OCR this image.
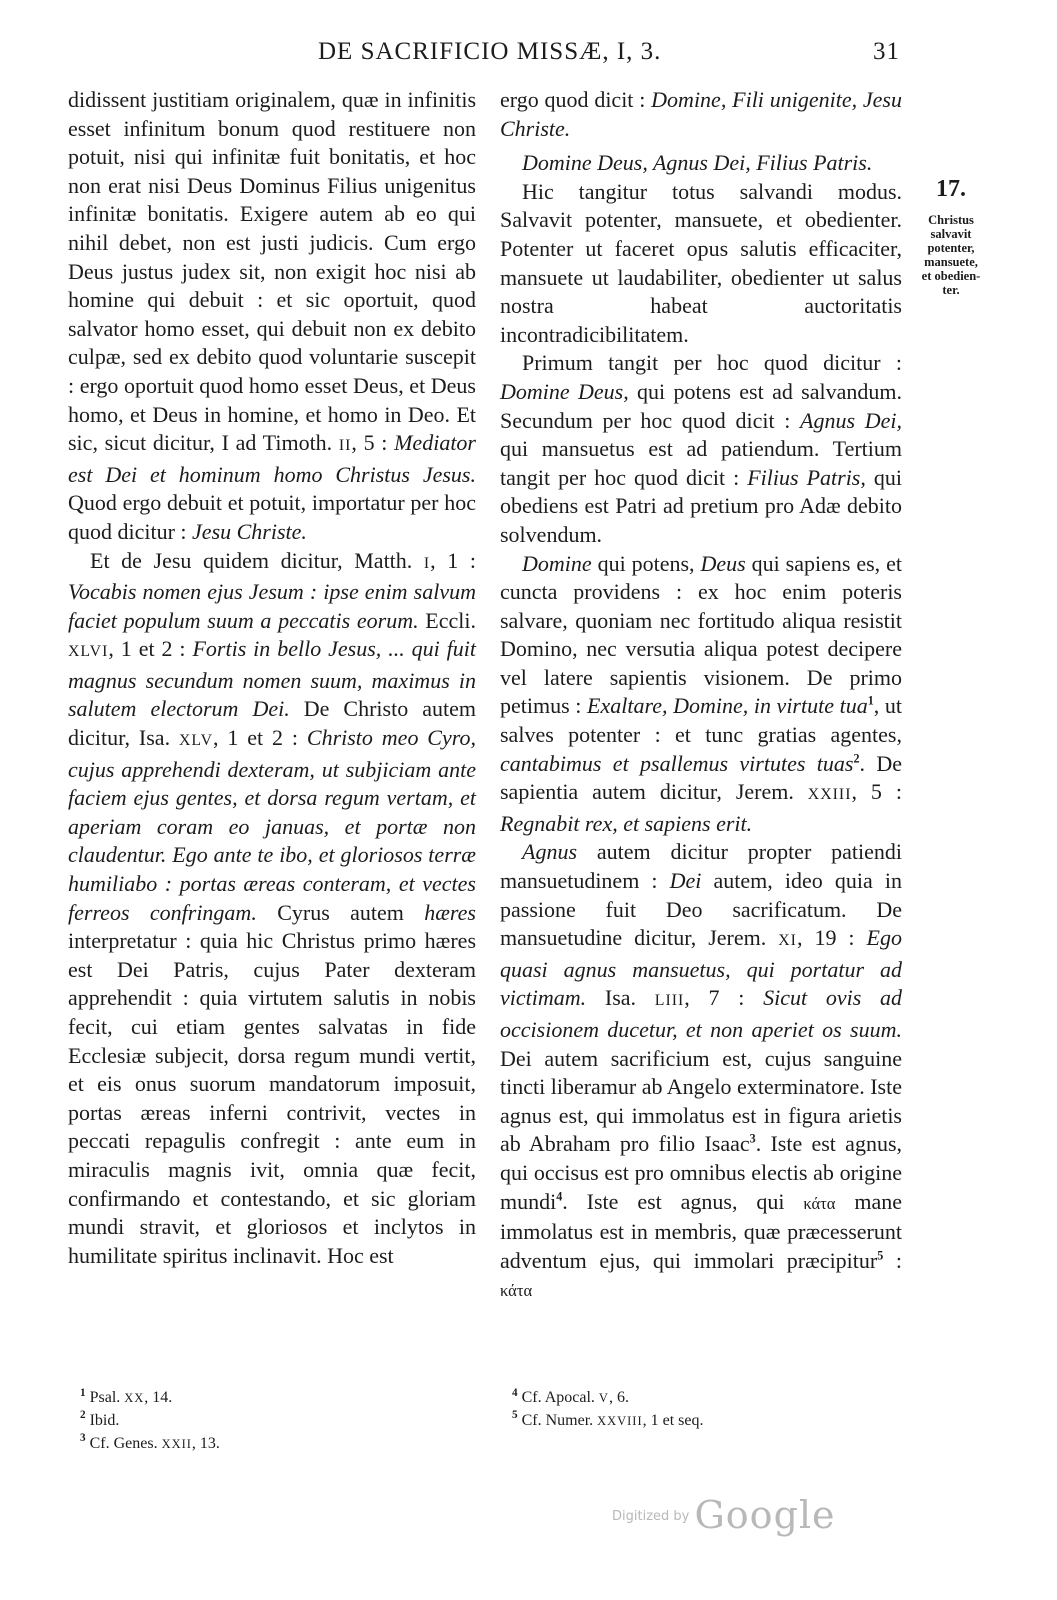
DE SACRIFICIO MISSÆ, I, 3.	31

didissent justitiam originalem, quæ in infinitis esset infinitum bonum quod restituere non potuit, nisi qui infinitæ fuit bonitatis, et hoc non erat nisi Deus Dominus Filius unigenitus infinitæ bonitatis. Exigere autem ab eo qui nihil debet, non est justi judicis. Cum ergo Deus justus judex sit, non exigit hoc nisi ab homine qui debuit : et sic oportuit, quod salvator homo esset, qui debuit non ex debito culpæ, sed ex debito quod voluntarie suscepit : ergo oportuit quod homo esset Deus, et Deus homo, et Deus in homine, et homo in Deo. Et sic, sicut dicitur, I ad Timoth. II, 5 : Mediator est Dei et hominum homo Christus Jesus. Quod ergo debuit et potuit, importatur per hoc quod dicitur : Jesu Christe.

Et de Jesu quidem dicitur, Matth. I, 1 : Vocabis nomen ejus Jesum : ipse enim salvum faciet populum suum a peccatis eorum. Eccli. XLVI, 1 et 2 : Fortis in bello Jesus, ... qui fuit magnus secundum nomen suum, maximus in salutem electorum Dei. De Christo autem dicitur, Isa. XLV, 1 et 2 : Christo meo Cyro, cujus apprehendi dexteram, ut subjiciam ante faciem ejus gentes, et dorsa regum vertam, et aperiam coram eo januas, et portæ non claudentur. Ego ante te ibo, et gloriosos terræ humiliabo : portas æreas conteram, et vectes ferreos confringam. Cyrus autem hæres interpretatur : quia hic Christus primo hæres est Dei Patris, cujus Pater dexteram apprehendit : quia virtutem salutis in nobis fecit, cui etiam gentes salvatas in fide Ecclesiæ subjecit, dorsa regum mundi vertit, et eis onus suorum mandatorum imposuit, portas æreas inferni contrivit, vectes in peccati repagulis confregit : ante eum in miraculis magnis ivit, omnia quæ fecit, confirmando et contestando, et sic gloriam mundi stravit, et gloriosos et inclytos in humilitate spiritus inclinavit. Hoc est

ergo quod dicit : Domine, Fili unigenite, Jesu Christe.

Domine Deus, Agnus Dei, Filius Patris.

Hic tangitur totus salvandi modus. Salvavit potenter, mansuete, et obedienter. Potenter ut faceret opus salutis efficaciter, mansuete ut laudabiliter, obedienter ut salus nostra habeat auctoritatis incontradicibilitatem.

Primum tangit per hoc quod dicitur : Domine Deus, qui potens est ad salvandum. Secundum per hoc quod dicit : Agnus Dei, qui mansuetus est ad patiendum. Tertium tangit per hoc quod dicit : Filius Patris, qui obediens est Patri ad pretium pro Adæ debito solvendum.

Domine qui potens, Deus qui sapiens es, et cuncta providens : ex hoc enim poteris salvare, quoniam nec fortitudo aliqua resistit Domino, nec versutia aliqua potest decipere vel latere sapientis visionem. De primo petimus : Exaltare, Domine, in virtute tua$^1$, ut salves potenter : et tunc gratias agentes, cantabimus et psallemus virtutes tuas$^2$. De sapientia autem dicitur, Jerem. XXIII, 5 : Regnabit rex, et sapiens erit.

Agnus autem dicitur propter patiendi mansuetudinem : Dei autem, ideo quia in passione fuit Deo sacrificatum. De mansuetudine dicitur, Jerem. XI, 19 : Ego quasi agnus mansuetus, qui portatur ad victimam. Isa. LIII, 7 : Sicut ovis ad occisionem ducetur, et non aperiet os suum. Dei autem sacrificium est, cujus sanguine tincti liberamur ab Angelo exterminatore. Iste agnus est, qui immolatus est in figura arietis ab Abraham pro filio Isaac$^3$. Iste est agnus, qui occisus est pro omnibus electis ab origine mundi$^4$. Iste est agnus, qui κάτα mane immolatus est in membris, quæ præcesserunt adventum ejus, qui immolari præcipitur$^5$ : κάτα

17.
Christus
salvavit
potenter,
mansuete,
et obedien-
ter.
$^1$ Psal. XX, 14.
$^2$ Ibid.
$^3$ Cf. Genes. XXII, 13.
$^4$ Cf. Apocal. V, 6.
$^5$ Cf. Numer. XXVIII, 1 et seq.
$^{Digitized by}$ Google
